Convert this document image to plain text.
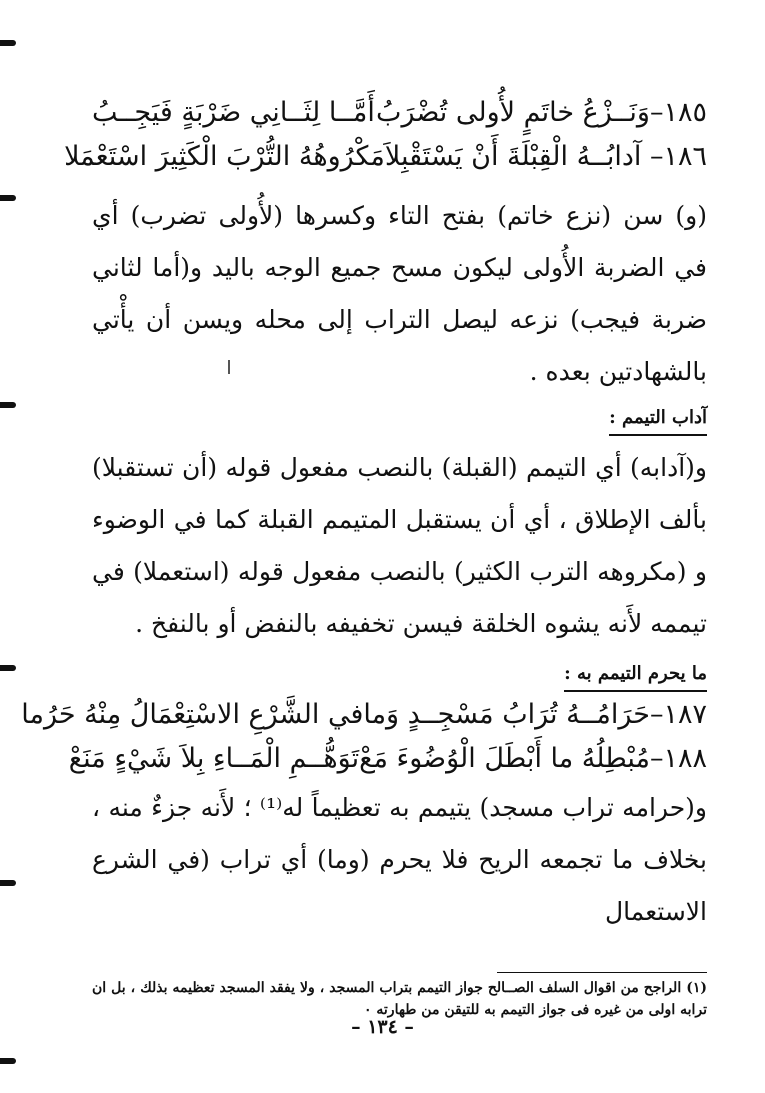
١٨٥–وَنَــزْعُ خاتَمٍ لأُولى تُضْرَبُ
أَمَّــا لِثَــانِي ضَرْبَةٍ فَيَجِــبُ
١٨٦– آدابُــهُ الْقِبْلَةَ أَنْ يَسْتَقْبِلاَ
مَكْرُوهُهُ التُّرْبَ الْكَثِيرَ اسْتَعْمَلا

(و) سن (نزع خاتم) بفتح التاء وكسرها (لأُولى تضرب) أي في الضربة الأُولى ليكون مسح جميع الوجه باليد و(أما لثاني ضربة فيجب) نزعه ليصل التراب إلى محله ويسن أن يأْتي بالشهادتين بعده .

آداب التيمم :

و(آدابه) أي التيمم (القبلة) بالنصب مفعول قوله (أن تستقبلا) بألف الإطلاق ، أي أن يستقبل المتيمم القبلة كما في الوضوء و (مكروهه الترب الكثير) بالنصب مفعول قوله (استعملا) في تيممه لأَنه يشوه الخلقة فيسن تخفيفه بالنفض أو بالنفخ .

ما يحرم التيمم به :
١٨٧–حَرَامُــهُ تُرَابُ مَسْجِــدٍ وَما
في الشَّرْعِ الاسْتِعْمَالُ مِنْهُ حَرُما
١٨٨–مُبْطِلُهُ ما أَبْطَلَ الْوُضُوءَ مَعْ
تَوَهُّــمِ الْمَــاءِ بِلاَ شَيْءٍ مَنَعْ

و(حرامه تراب مسجد) يتيمم به تعظيماً له⁽¹⁾ ؛ لأَنه جزءٌ منه ، بخلاف ما تجمعه الريح فلا يحرم (وما) أي تراب (في الشرع الاستعمال

(١) الراجح من اقوال السلف الصــالح جواز التيمم بتراب المسجد ، ولا يفقد المسجد تعظيمه بذلك ، بل ان ترابه اولى من غيره فى جواز التيمم به للتيقن من طهارته ٠

– ١٣٤ –
